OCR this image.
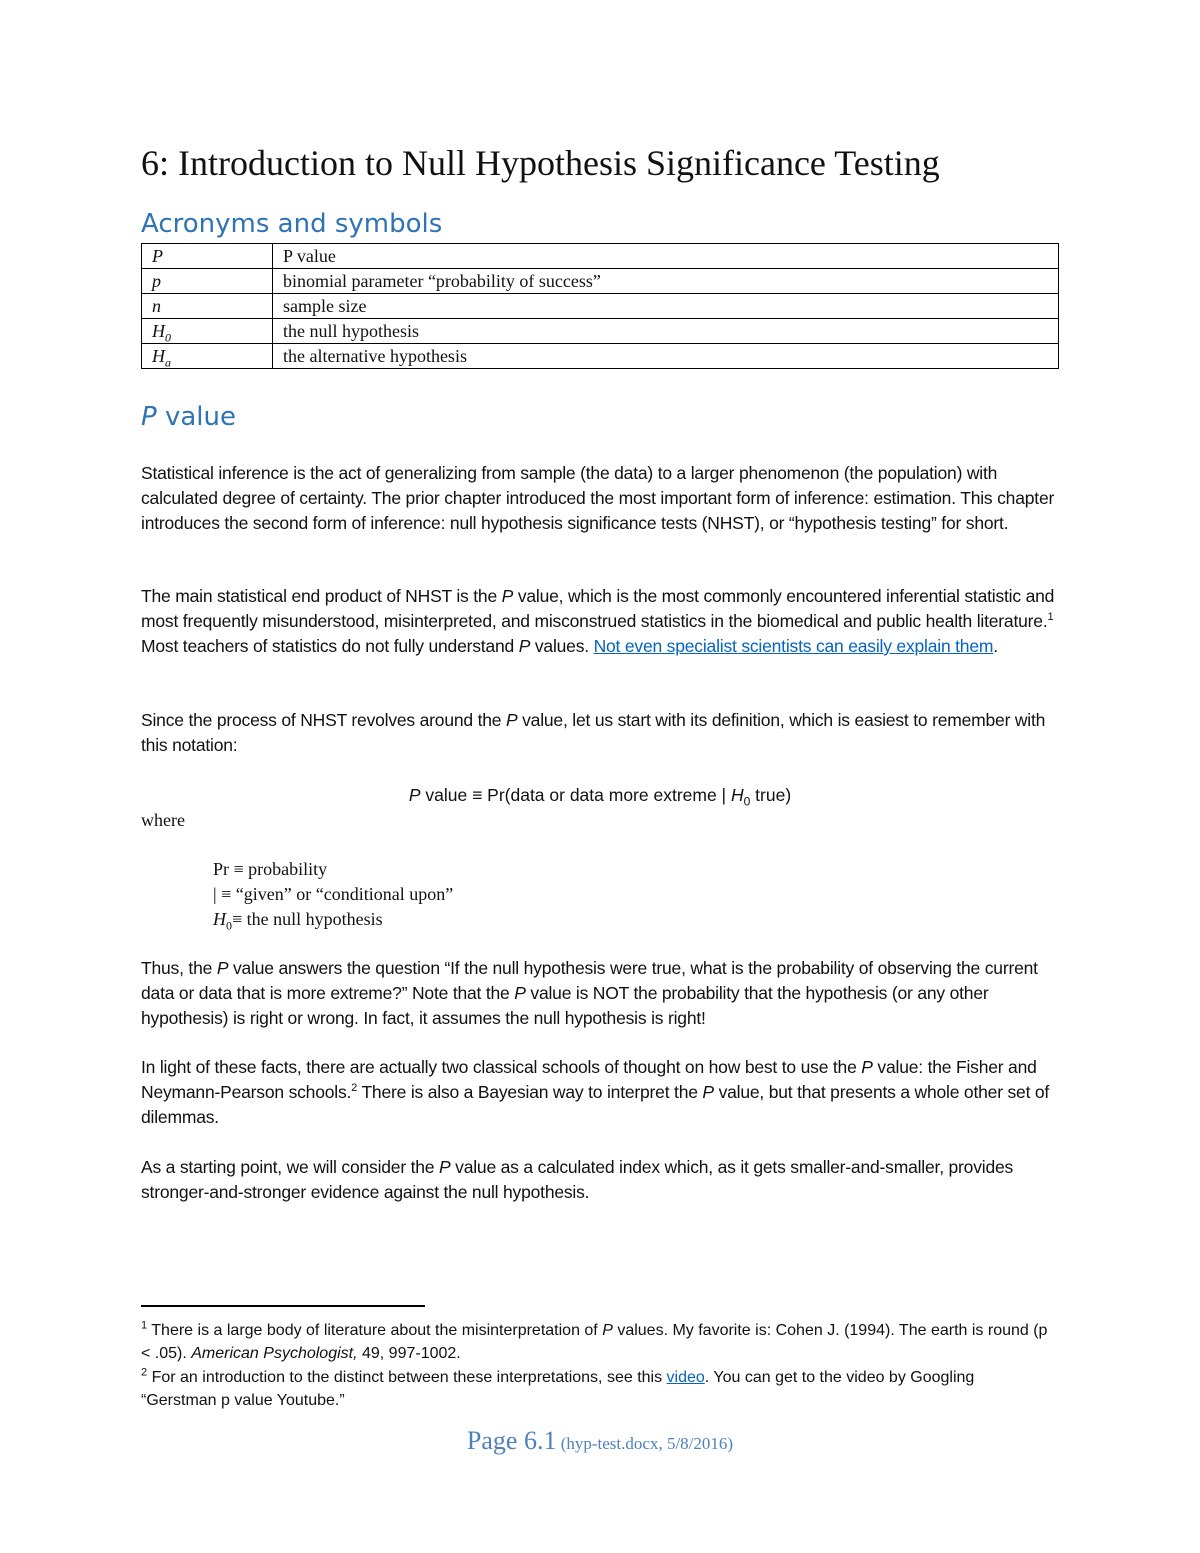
6: Introduction to Null Hypothesis Significance Testing
Acronyms and symbols
P	P value
p	binomial parameter “probability of success”
n	sample size
$H_0$	the null hypothesis
$H_a$	the alternative hypothesis
P value

Statistical inference is the act of generalizing from sample (the data) to a larger phenomenon (the population) with calculated degree of certainty. The prior chapter introduced the most important form of inference: estimation. This chapter introduces the second form of inference: null hypothesis significance tests (NHST), or “hypothesis testing” for short.

The main statistical end product of NHST is the P value, which is the most commonly encountered inferential statistic and most frequently misunderstood, misinterpreted, and misconstrued statistics in the biomedical and public health literature.$^1$ Most teachers of statistics do not fully understand P values. Not even specialist scientists can easily explain them.

Since the process of NHST revolves around the P value, let us start with its definition, which is easiest to remember with this notation:

P value ≡ Pr(data or data more extreme | $H_0$ true)
where
Pr ≡ probability
| ≡ “given” or “conditional upon”
$H_0\equiv$ the null hypothesis

Thus, the P value answers the question “If the null hypothesis were true, what is the probability of observing the current data or data that is more extreme?” Note that the P value is NOT the probability that the hypothesis (or any other hypothesis) is right or wrong. In fact, it assumes the null hypothesis is right!

In light of these facts, there are actually two classical schools of thought on how best to use the P value: the Fisher and Neymann-Pearson schools.$^2$ There is also a Bayesian way to interpret the P value, but that presents a whole other set of dilemmas.

As a starting point, we will consider the P value as a calculated index which, as it gets smaller-and-smaller, provides stronger-and-stronger evidence against the null hypothesis.

$^1$ There is a large body of literature about the misinterpretation of P values. My favorite is: Cohen J. (1994). The earth is round (p < .05). American Psychologist, 49, 997-1002.

$^2$ For an introduction to the distinct between these interpretations, see this video. You can get to the video by Googling “Gerstman p value Youtube.”

Page 6.1 (hyp-test.docx, 5/8/2016)
